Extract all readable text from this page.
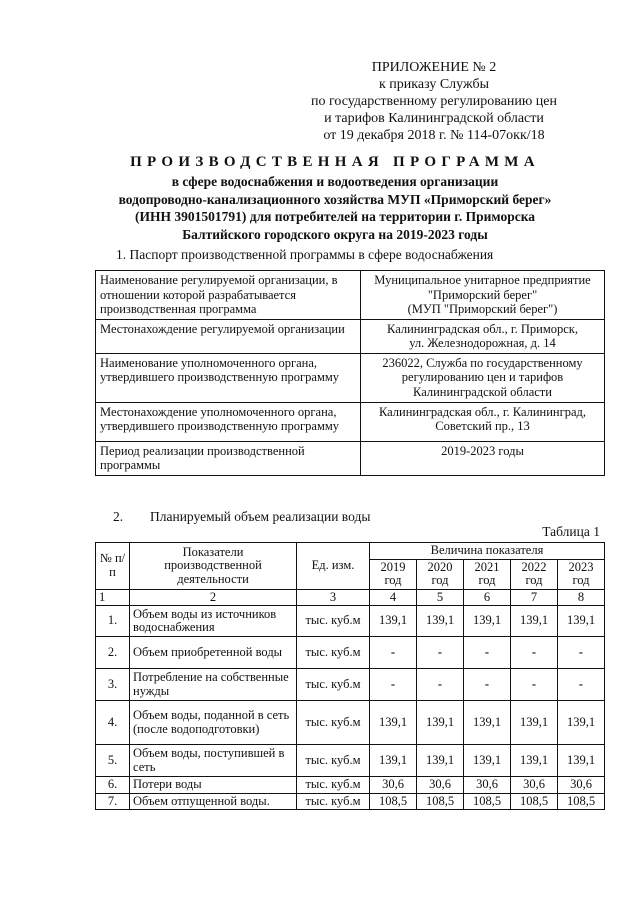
ПРИЛОЖЕНИЕ № 2
к приказу Службы
по государственному регулированию цен
и тарифов Калининградской области
от 19 декабря 2018 г. № 114-07окк/18
ПРОИЗВОДСТВЕННАЯ ПРОГРАММА
в сфере водоснабжения и водоотведения организации
водопроводно-канализационного хозяйства МУП «Приморский берег»
(ИНН 3901501791) для потребителей на территории г. Приморска
Балтийского городского округа на 2019-2023 годы
1. Паспорт производственной программы в сфере водоснабжения
Наименование регулируемой организации, в отношении которой разрабатывается производственная программа	Муниципальное унитарное предприятие
"Приморский берег"
(МУП "Приморский берег")

Местонахождение регулируемой организации	Калининградская обл., г. Приморск,
ул. Железнодорожная, д. 14

Наименование уполномоченного органа, утвердившего производственную программу	236022, Служба по государственному
регулированию цен и тарифов
Калининградской области

Местонахождение уполномоченного органа, утвердившего производственную программу	Калининградская обл., г. Калининград,
Советский пр., 13

Период реализации производственной программы	2019-2023 годы
2. Планируемый объем реализации воды
Таблица 1
№ п/п	Показатели производственной деятельности	Ед. изм.	Величина показателя				
			2019 год	2020 год	2021 год	2022 год	2023 год
1	2	3	4	5	6	7	8
1.	Объем воды из источников водоснабжения	тыс. куб.м	139,1	139,1	139,1	139,1	139,1
2.	Объем приобретенной воды	тыс. куб.м	-	-	-	-	-
3.	Потребление на собственные нужды	тыс. куб.м	-	-	-	-	-
4.	Объем воды, поданной в сеть (после водоподготовки)	тыс. куб.м	139,1	139,1	139,1	139,1	139,1
5.	Объем воды, поступившей в сеть	тыс. куб.м	139,1	139,1	139,1	139,1	139,1
6.	Потери воды	тыс. куб.м	30,6	30,6	30,6	30,6	30,6
7.	Объем отпущенной воды.	тыс. куб.м	108,5	108,5	108,5	108,5	108,5
